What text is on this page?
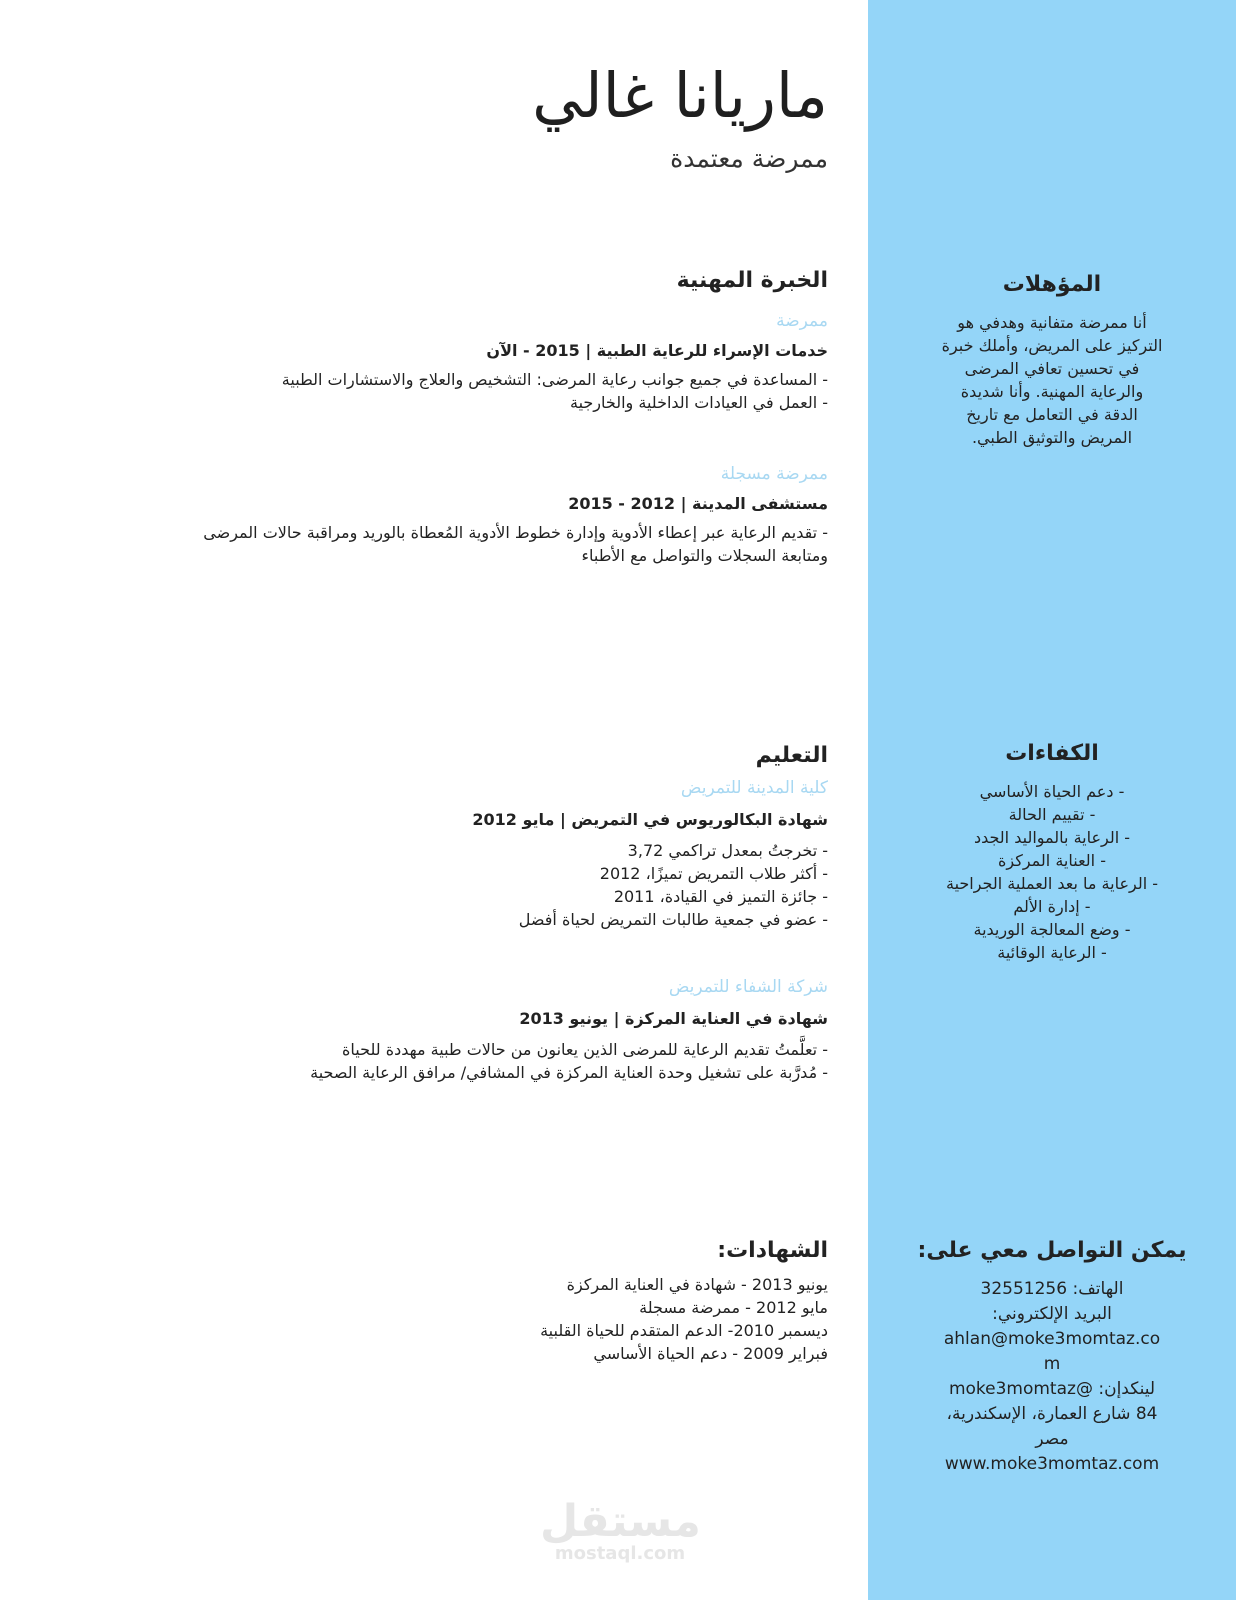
ماريانا غالي
ممرضة معتمدة
الخبرة المهنية
ممرضة
خدمات الإسراء للرعاية الطبية | 2015 - الآن
- المساعدة في جميع جوانب رعاية المرضى: التشخيص والعلاج والاستشارات الطبية
- العمل في العيادات الداخلية والخارجية
ممرضة مسجلة
مستشفى المدينة | 2012 - 2015
- تقديم الرعاية عبر إعطاء الأدوية وإدارة خطوط الأدوية المُعطاة بالوريد ومراقبة حالات المرضى
ومتابعة السجلات والتواصل مع الأطباء
التعليم
كلية المدينة للتمريض
شهادة البكالوريوس في التمريض | مايو 2012
- تخرجتُ بمعدل تراكمي 3,72
- أكثر طلاب التمريض تميزًا، 2012
- جائزة التميز في القيادة، 2011
- عضو في جمعية طالبات التمريض لحياة أفضل
شركة الشفاء للتمريض
شهادة في العناية المركزة | يونيو 2013
- تعلَّمتُ تقديم الرعاية للمرضى الذين يعانون من حالات طبية مهددة للحياة
- مُدرَّبة على تشغيل وحدة العناية المركزة في المشافي/ مرافق الرعاية الصحية
الشهادات:
يونيو 2013 - شهادة في العناية المركزة
مايو 2012 - ممرضة مسجلة
ديسمبر 2010- الدعم المتقدم للحياة القلبية
فبراير 2009 - دعم الحياة الأساسي
المؤهلات
أنا ممرضة متفانية وهدفي هو
التركيز على المريض، وأملك خبرة
في تحسين تعافي المرضى
والرعاية المهنية. وأنا شديدة
الدقة في التعامل مع تاريخ
المريض والتوثيق الطبي.
الكفاءات
- دعم الحياة الأساسي
- تقييم الحالة
- الرعاية بالمواليد الجدد
- العناية المركزة
- الرعاية ما بعد العملية الجراحية
- إدارة الألم
- وضع المعالجة الوريدية
- الرعاية الوقائية
يمكن التواصل معي على:
الهاتف: 32551256
البريد الإلكتروني:
ahlan@moke3momtaz.co
m
لينكدإن: @moke3momtaz
84 شارع العمارة، الإسكندرية،
مصر
www.moke3momtaz.com
مستقل
mostaql.com
